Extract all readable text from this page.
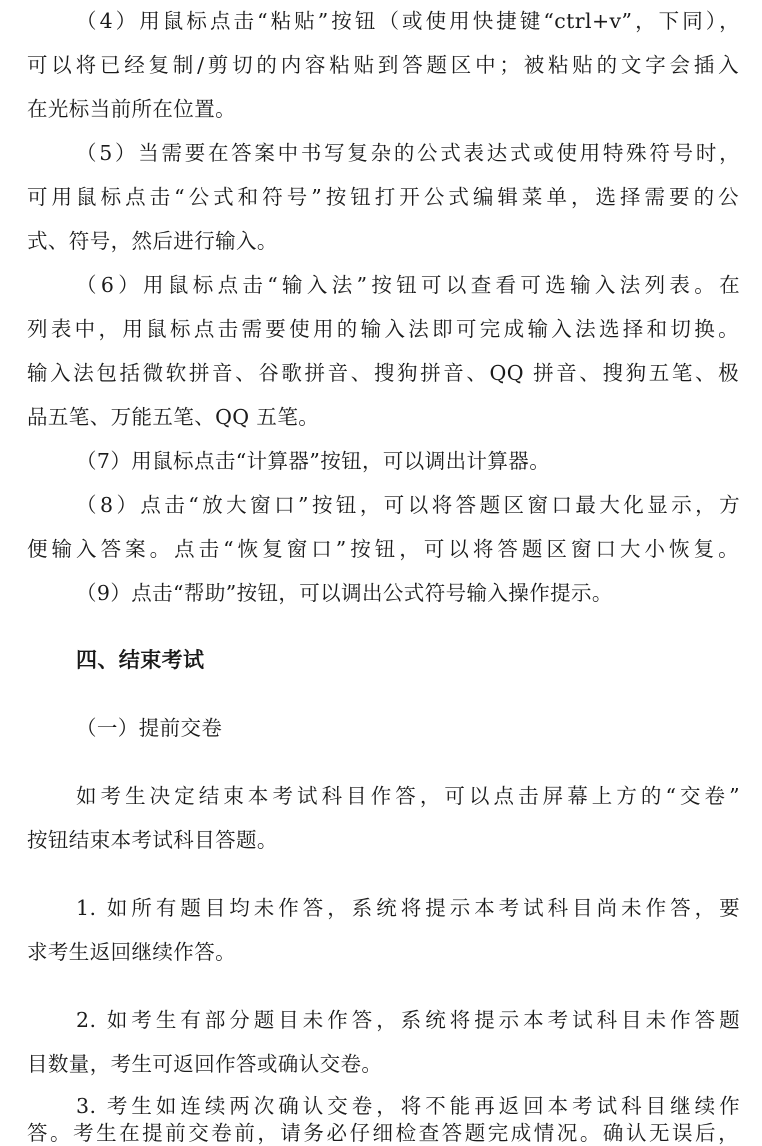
（4）用鼠标点击“粘贴”按钮（或使用快捷键“ctrl+v”，下同），
可以将已经复制/剪切的内容粘贴到答题区中；被粘贴的文字会插入
在光标当前所在位置。
（5）当需要在答案中书写复杂的公式表达式或使用特殊符号时，
可用鼠标点击“公式和符号”按钮打开公式编辑菜单，选择需要的公
式、符号，然后进行输入。
（6）用鼠标点击“输入法”按钮可以查看可选输入法列表。在
列表中，用鼠标点击需要使用的输入法即可完成输入法选择和切换。
输入法包括微软拼音、谷歌拼音、搜狗拼音、QQ 拼音、搜狗五笔、极
品五笔、万能五笔、QQ 五笔。
（7）用鼠标点击“计算器”按钮，可以调出计算器。
（8）点击“放大窗口”按钮，可以将答题区窗口最大化显示，方
便输入答案。点击“恢复窗口”按钮，可以将答题区窗口大小恢复。
（9）点击“帮助”按钮，可以调出公式符号输入操作提示。
四、结束考试
（一）提前交卷
如考生决定结束本考试科目作答，可以点击屏幕上方的“交卷”
按钮结束本考试科目答题。
1. 如所有题目均未作答，系统将提示本考试科目尚未作答，要
求考生返回继续作答。
2. 如考生有部分题目未作答，系统将提示本考试科目未作答题
目数量，考生可返回作答或确认交卷。
3. 考生如连续两次确认交卷，将不能再返回本考试科目继续作
答。考生在提前交卷前，请务必仔细检查答题完成情况。确认无误后，
